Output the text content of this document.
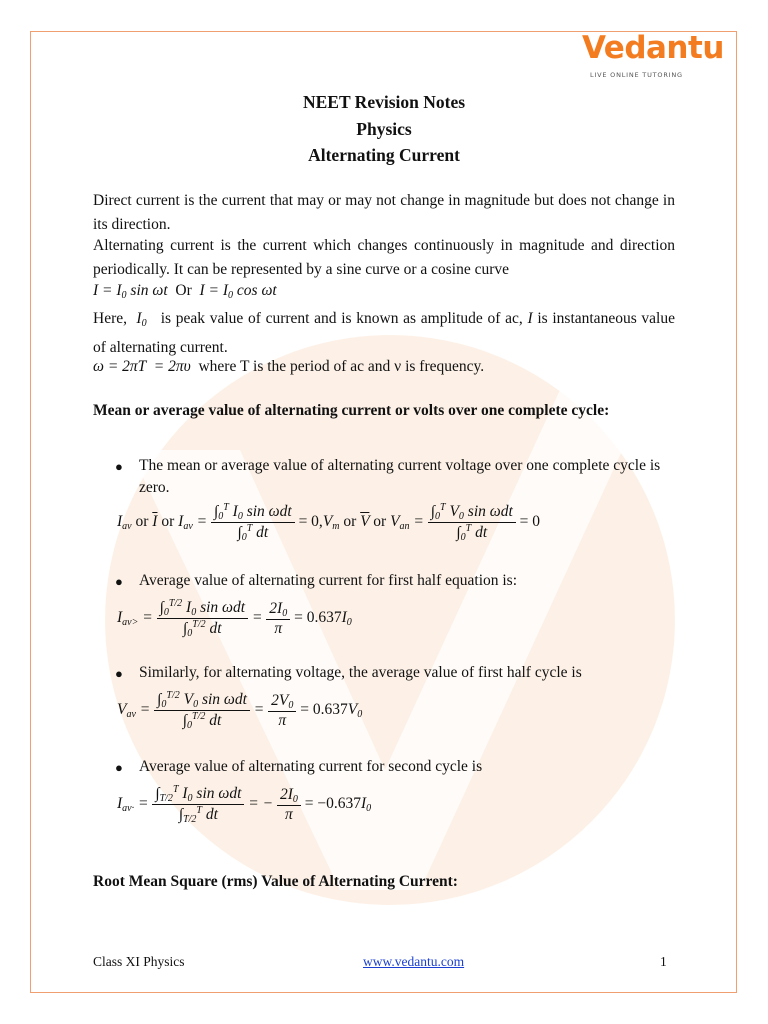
Vedantu
LIVE ONLINE TUTORING
NEET Revision Notes
Physics
Alternating Current
Direct current is the current that may or may not change in magnitude but does not change in its direction.
Alternating current is the current which changes continuously in magnitude and direction periodically. It can be represented by a sine curve or a cosine curve
$I = I_0$ sin ωt  Or  $I = I_0$ cos ωt
Here, $I_0$ is peak value of current and is known as amplitude of ac, I is instantaneous value of alternating current.
ω = 2πT  = 2πυ where T is the period of ac and ν is frequency.
Mean or average value of alternating current or volts over one complete cycle:
● The mean or average value of alternating current voltage over one complete cycle is zero.
$I_{av}$ or $\overline{I}$ or $I_{av} = \frac{\int_0^T I_0 \sin \omega dt}{\int_0^T dt} = 0,V_m$ or $\overline{V}$ or $V_{an} = \frac{\int_0^T V_0 \sin \omega dt}{\int_0^T dt} = 0$
● Average value of alternating current for first half equation is:
$I_{av>} = \frac{\int_0^{T/2} I_0 \sin \omega dt}{\int_0^{T/2} dt} = \frac{2I_0}{\pi} = 0.637I_0$
● Similarly, for alternating voltage, the average value of first half cycle is
$V_{av} = \frac{\int_0^{T/2} V_0 \sin \omega dt}{\int_0^{T/2} dt} = \frac{2V_0}{\pi} = 0.637V_0$
● Average value of alternating current for second cycle is
$I_{av\cdot} = \frac{\int_{T/2}^T I_0 \sin \omega dt}{\int_{T/2}^T dt}$ = − $\frac{2I_0}{\pi} = -0.637I_0$
Root Mean Square (rms) Value of Alternating Current:
Class XI Physics	www.vedantu.com	1
